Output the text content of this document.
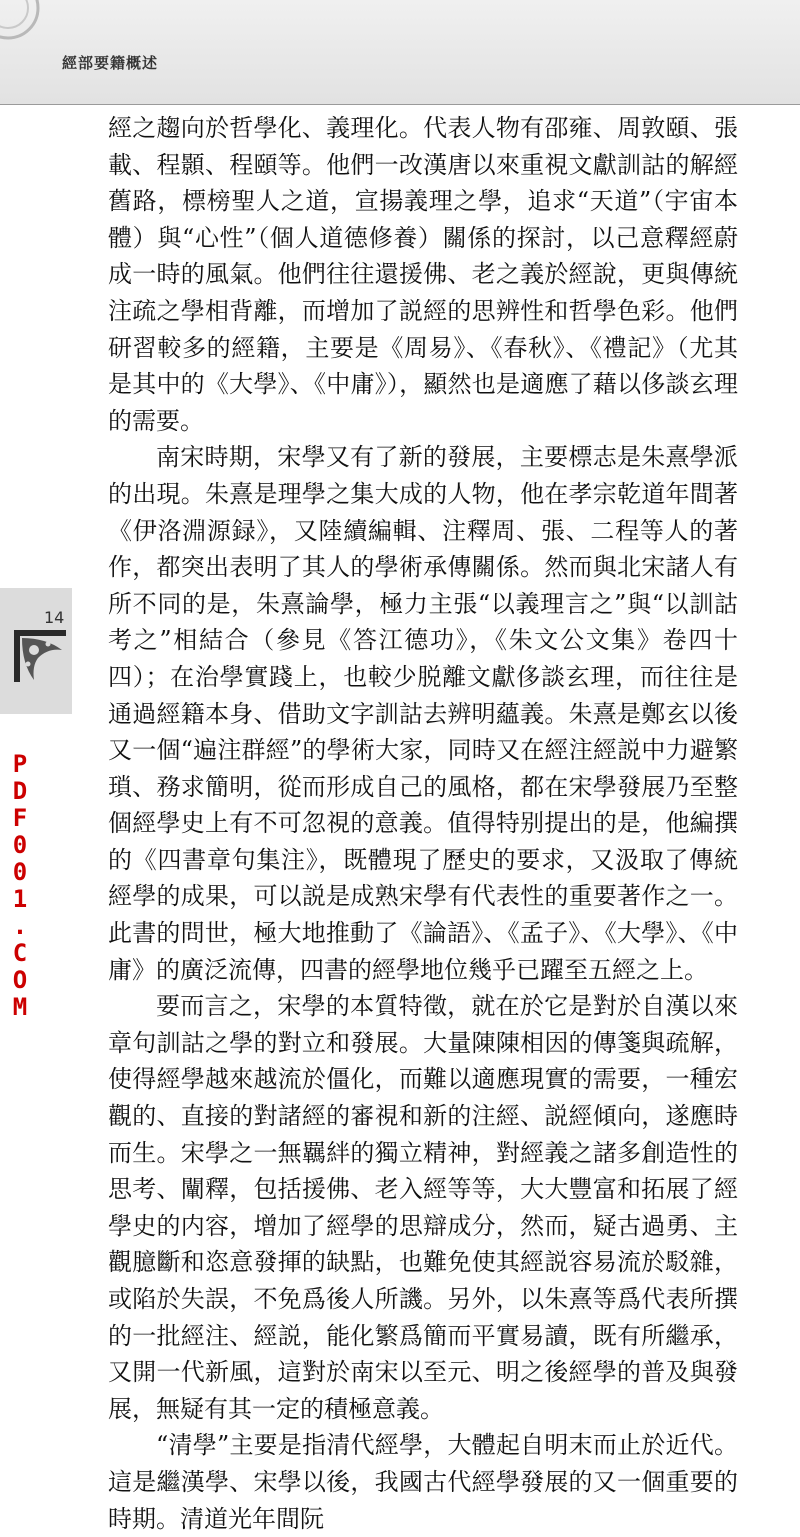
經部要籍概述

經之趨向於哲學化、義理化。代表人物有邵雍、周敦頤、張載、程顥、程頤等。他們一改漢唐以來重視文獻訓詁的解經舊路，標榜聖人之道，宣揚義理之學，追求“天道”（宇宙本體）與“心性”（個人道德修養）關係的探討，以己意釋經蔚成一時的風氣。他們往往還援佛、老之義於經說，更與傳統注疏之學相背離，而增加了説經的思辨性和哲學色彩。他們研習較多的經籍，主要是《周易》、《春秋》、《禮記》（尤其是其中的《大學》、《中庸》），顯然也是適應了藉以侈談玄理的需要。

南宋時期，宋學又有了新的發展，主要標志是朱熹學派的出現。朱熹是理學之集大成的人物，他在孝宗乾道年間著《伊洛淵源録》，又陸續編輯、注釋周、張、二程等人的著作，都突出表明了其人的學術承傳關係。然而與北宋諸人有所不同的是，朱熹論學，極力主張“以義理言之”與“以訓詁考之”相結合（參見《答江德功》，《朱文公文集》卷四十四）；在治學實踐上，也較少脱離文獻侈談玄理，而往往是通過經籍本身、借助文字訓詁去辨明蘊義。朱熹是鄭玄以後又一個“遍注群經”的學術大家，同時又在經注經説中力避繁瑣、務求簡明，從而形成自己的風格，都在宋學發展乃至整個經學史上有不可忽視的意義。值得特别提出的是，他編撰的《四書章句集注》，既體現了歷史的要求，又汲取了傳統經學的成果，可以説是成熟宋學有代表性的重要著作之一。此書的問世，極大地推動了《論語》、《孟子》、《大學》、《中庸》的廣泛流傳，四書的經學地位幾乎已躍至五經之上。

要而言之，宋學的本質特徵，就在於它是對於自漢以來章句訓詁之學的對立和發展。大量陳陳相因的傳箋與疏解，使得經學越來越流於僵化，而難以適應現實的需要，一種宏觀的、直接的對諸經的審視和新的注經、説經傾向，遂應時而生。宋學之一無羈絆的獨立精神，對經義之諸多創造性的思考、闡釋，包括援佛、老入經等等，大大豐富和拓展了經學史的内容，增加了經學的思辯成分，然而，疑古過勇、主觀臆斷和恣意發揮的缺點，也難免使其經説容易流於駁雜，或陷於失誤，不免爲後人所譏。另外，以朱熹等爲代表所撰的一批經注、經説，能化繁爲簡而平實易讀，既有所繼承，又開一代新風，這對於南宋以至元、明之後經學的普及與發展，無疑有其一定的積極意義。

“清學”主要是指清代經學，大體起自明末而止於近代。這是繼漢學、宋學以後，我國古代經學發展的又一個重要的時期。清道光年間阮

14
PDF001.COM
